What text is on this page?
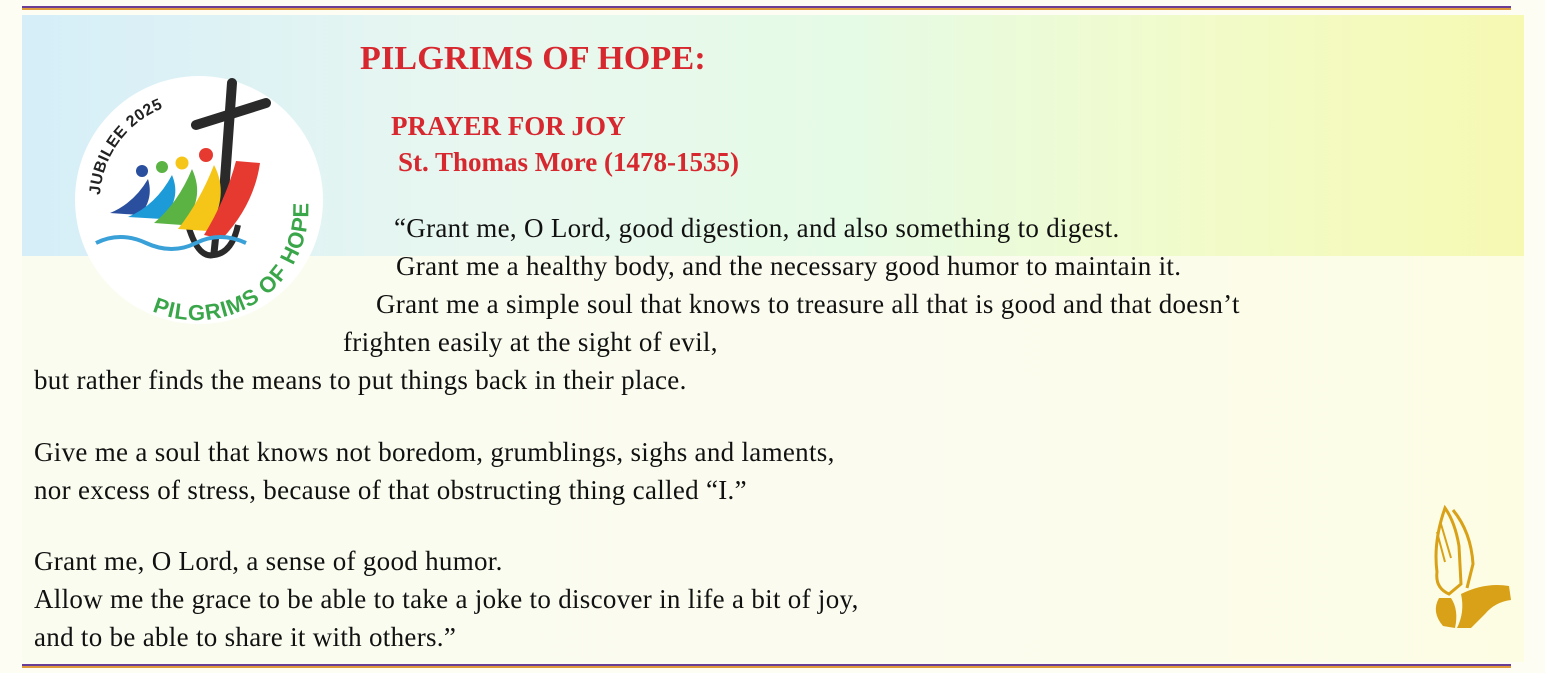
JUBILEE 2025
PILGRIMS OF HOPE
PILGRIMS OF HOPE:
PRAYER FOR JOY
St. Thomas More (1478-1535)
“Grant me, O Lord, good digestion, and also something to digest.
Grant me a healthy body, and the necessary good humor to maintain it.
Grant me a simple soul that knows to treasure all that is good and that doesn’t
frighten easily at the sight of evil,
but rather finds the means to put things back in their place.
Give me a soul that knows not boredom, grumblings, sighs and laments,
nor excess of stress, because of that obstructing thing called “I.”
Grant me, O Lord, a sense of good humor.
Allow me the grace to be able to take a joke to discover in life a bit of joy,
and to be able to share it with others.”
